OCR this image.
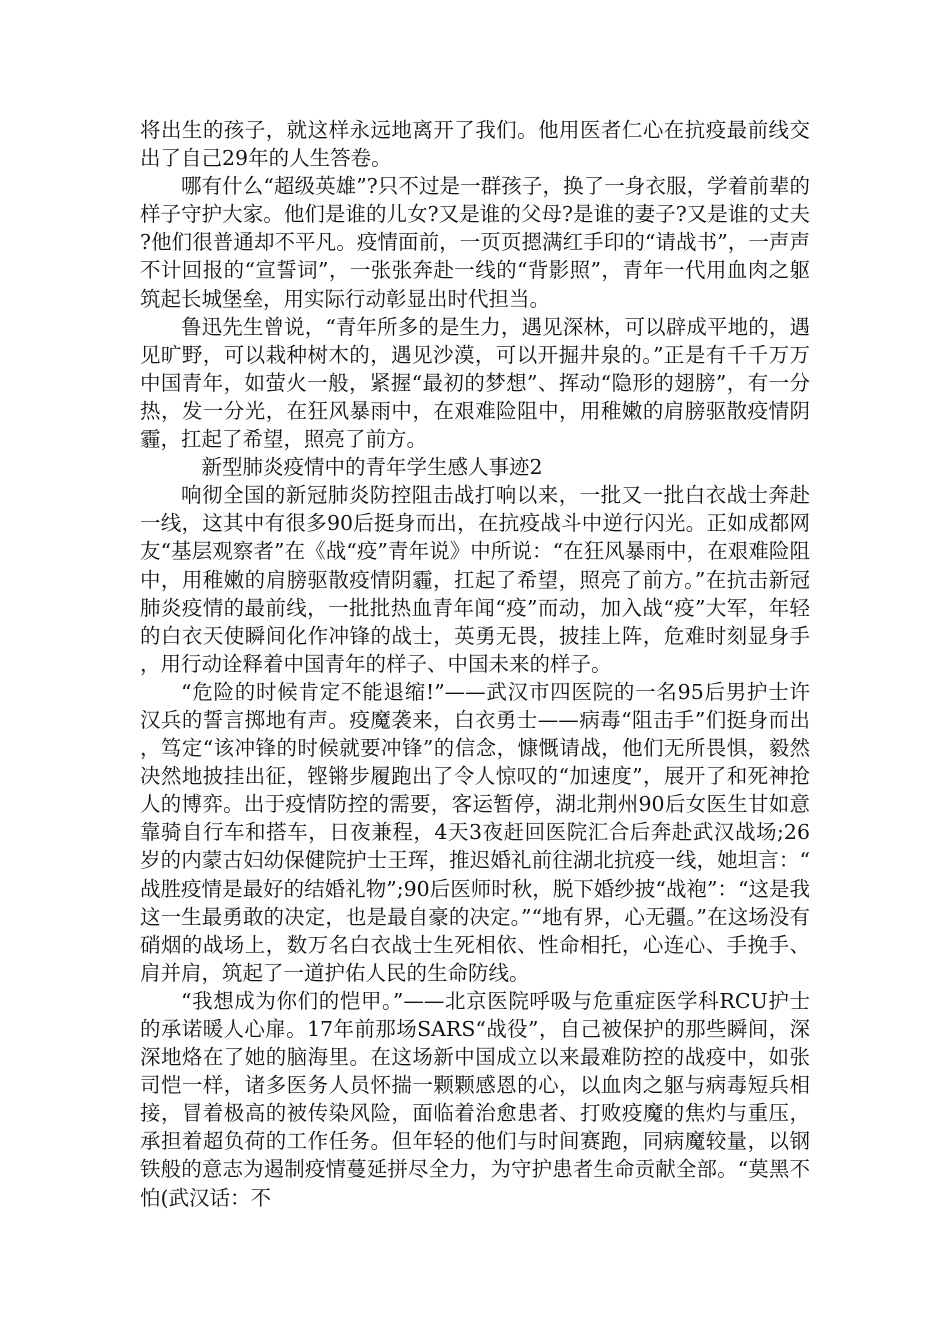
将出生的孩子，就这样永远地离开了我们。他用医者仁心在抗疫最前线交出了自己29年的人生答卷。

哪有什么“超级英雄”?只不过是一群孩子，换了一身衣服，学着前辈的样子守护大家。他们是谁的儿女?又是谁的父母?是谁的妻子?又是谁的丈夫?他们很普通却不平凡。疫情面前，一页页摁满红手印的“请战书”，一声声不计回报的“宣誓词”，一张张奔赴一线的“背影照”，青年一代用血肉之躯筑起长城堡垒，用实际行动彰显出时代担当。

鲁迅先生曾说，“青年所多的是生力，遇见深林，可以辟成平地的，遇见旷野，可以栽种树木的，遇见沙漠，可以开掘井泉的。”正是有千千万万中国青年，如萤火一般，紧握“最初的梦想”、挥动“隐形的翅膀”，有一分热，发一分光，在狂风暴雨中，在艰难险阻中，用稚嫩的肩膀驱散疫情阴霾，扛起了希望，照亮了前方。

新型肺炎疫情中的青年学生感人事迹2

响彻全国的新冠肺炎防控阻击战打响以来，一批又一批白衣战士奔赴一线，这其中有很多90后挺身而出，在抗疫战斗中逆行闪光。正如成都网友“基层观察者”在《战“疫”青年说》中所说：“在狂风暴雨中，在艰难险阻中，用稚嫩的肩膀驱散疫情阴霾，扛起了希望，照亮了前方。”在抗击新冠肺炎疫情的最前线，一批批热血青年闻“疫”而动，加入战“疫”大军，年轻的白衣天使瞬间化作冲锋的战士，英勇无畏，披挂上阵，危难时刻显身手，用行动诠释着中国青年的样子、中国未来的样子。

“危险的时候肯定不能退缩!”——武汉市四医院的一名95后男护士许汉兵的誓言掷地有声。疫魔袭来，白衣勇士——病毒“阻击手”们挺身而出，笃定“该冲锋的时候就要冲锋”的信念，慷慨请战，他们无所畏惧，毅然决然地披挂出征，铿锵步履跑出了令人惊叹的“加速度”，展开了和死神抢人的博弈。出于疫情防控的需要，客运暂停，湖北荆州90后女医生甘如意靠骑自行车和搭车，日夜兼程，4天3夜赶回医院汇合后奔赴武汉战场;26岁的内蒙古妇幼保健院护士王珲，推迟婚礼前往湖北抗疫一线，她坦言：“战胜疫情是最好的结婚礼物”;90后医师时秋，脱下婚纱披“战袍”：“这是我这一生最勇敢的决定，也是最自豪的决定。”“地有界，心无疆。”在这场没有硝烟的战场上，数万名白衣战士生死相依、性命相托，心连心、手挽手、肩并肩，筑起了一道护佑人民的生命防线。

“我想成为你们的恺甲。”——北京医院呼吸与危重症医学科RCU护士的承诺暖人心扉。17年前那场SARS“战役”，自己被保护的那些瞬间，深深地烙在了她的脑海里。在这场新中国成立以来最难防控的战疫中，如张司恺一样，诸多医务人员怀揣一颗颗感恩的心，以血肉之躯与病毒短兵相接，冒着极高的被传染风险，面临着治愈患者、打败疫魔的焦灼与重压，承担着超负荷的工作任务。但年轻的他们与时间赛跑，同病魔较量，以钢铁般的意志为遏制疫情蔓延拼尽全力，为守护患者生命贡献全部。“莫黑不怕(武汉话：不
